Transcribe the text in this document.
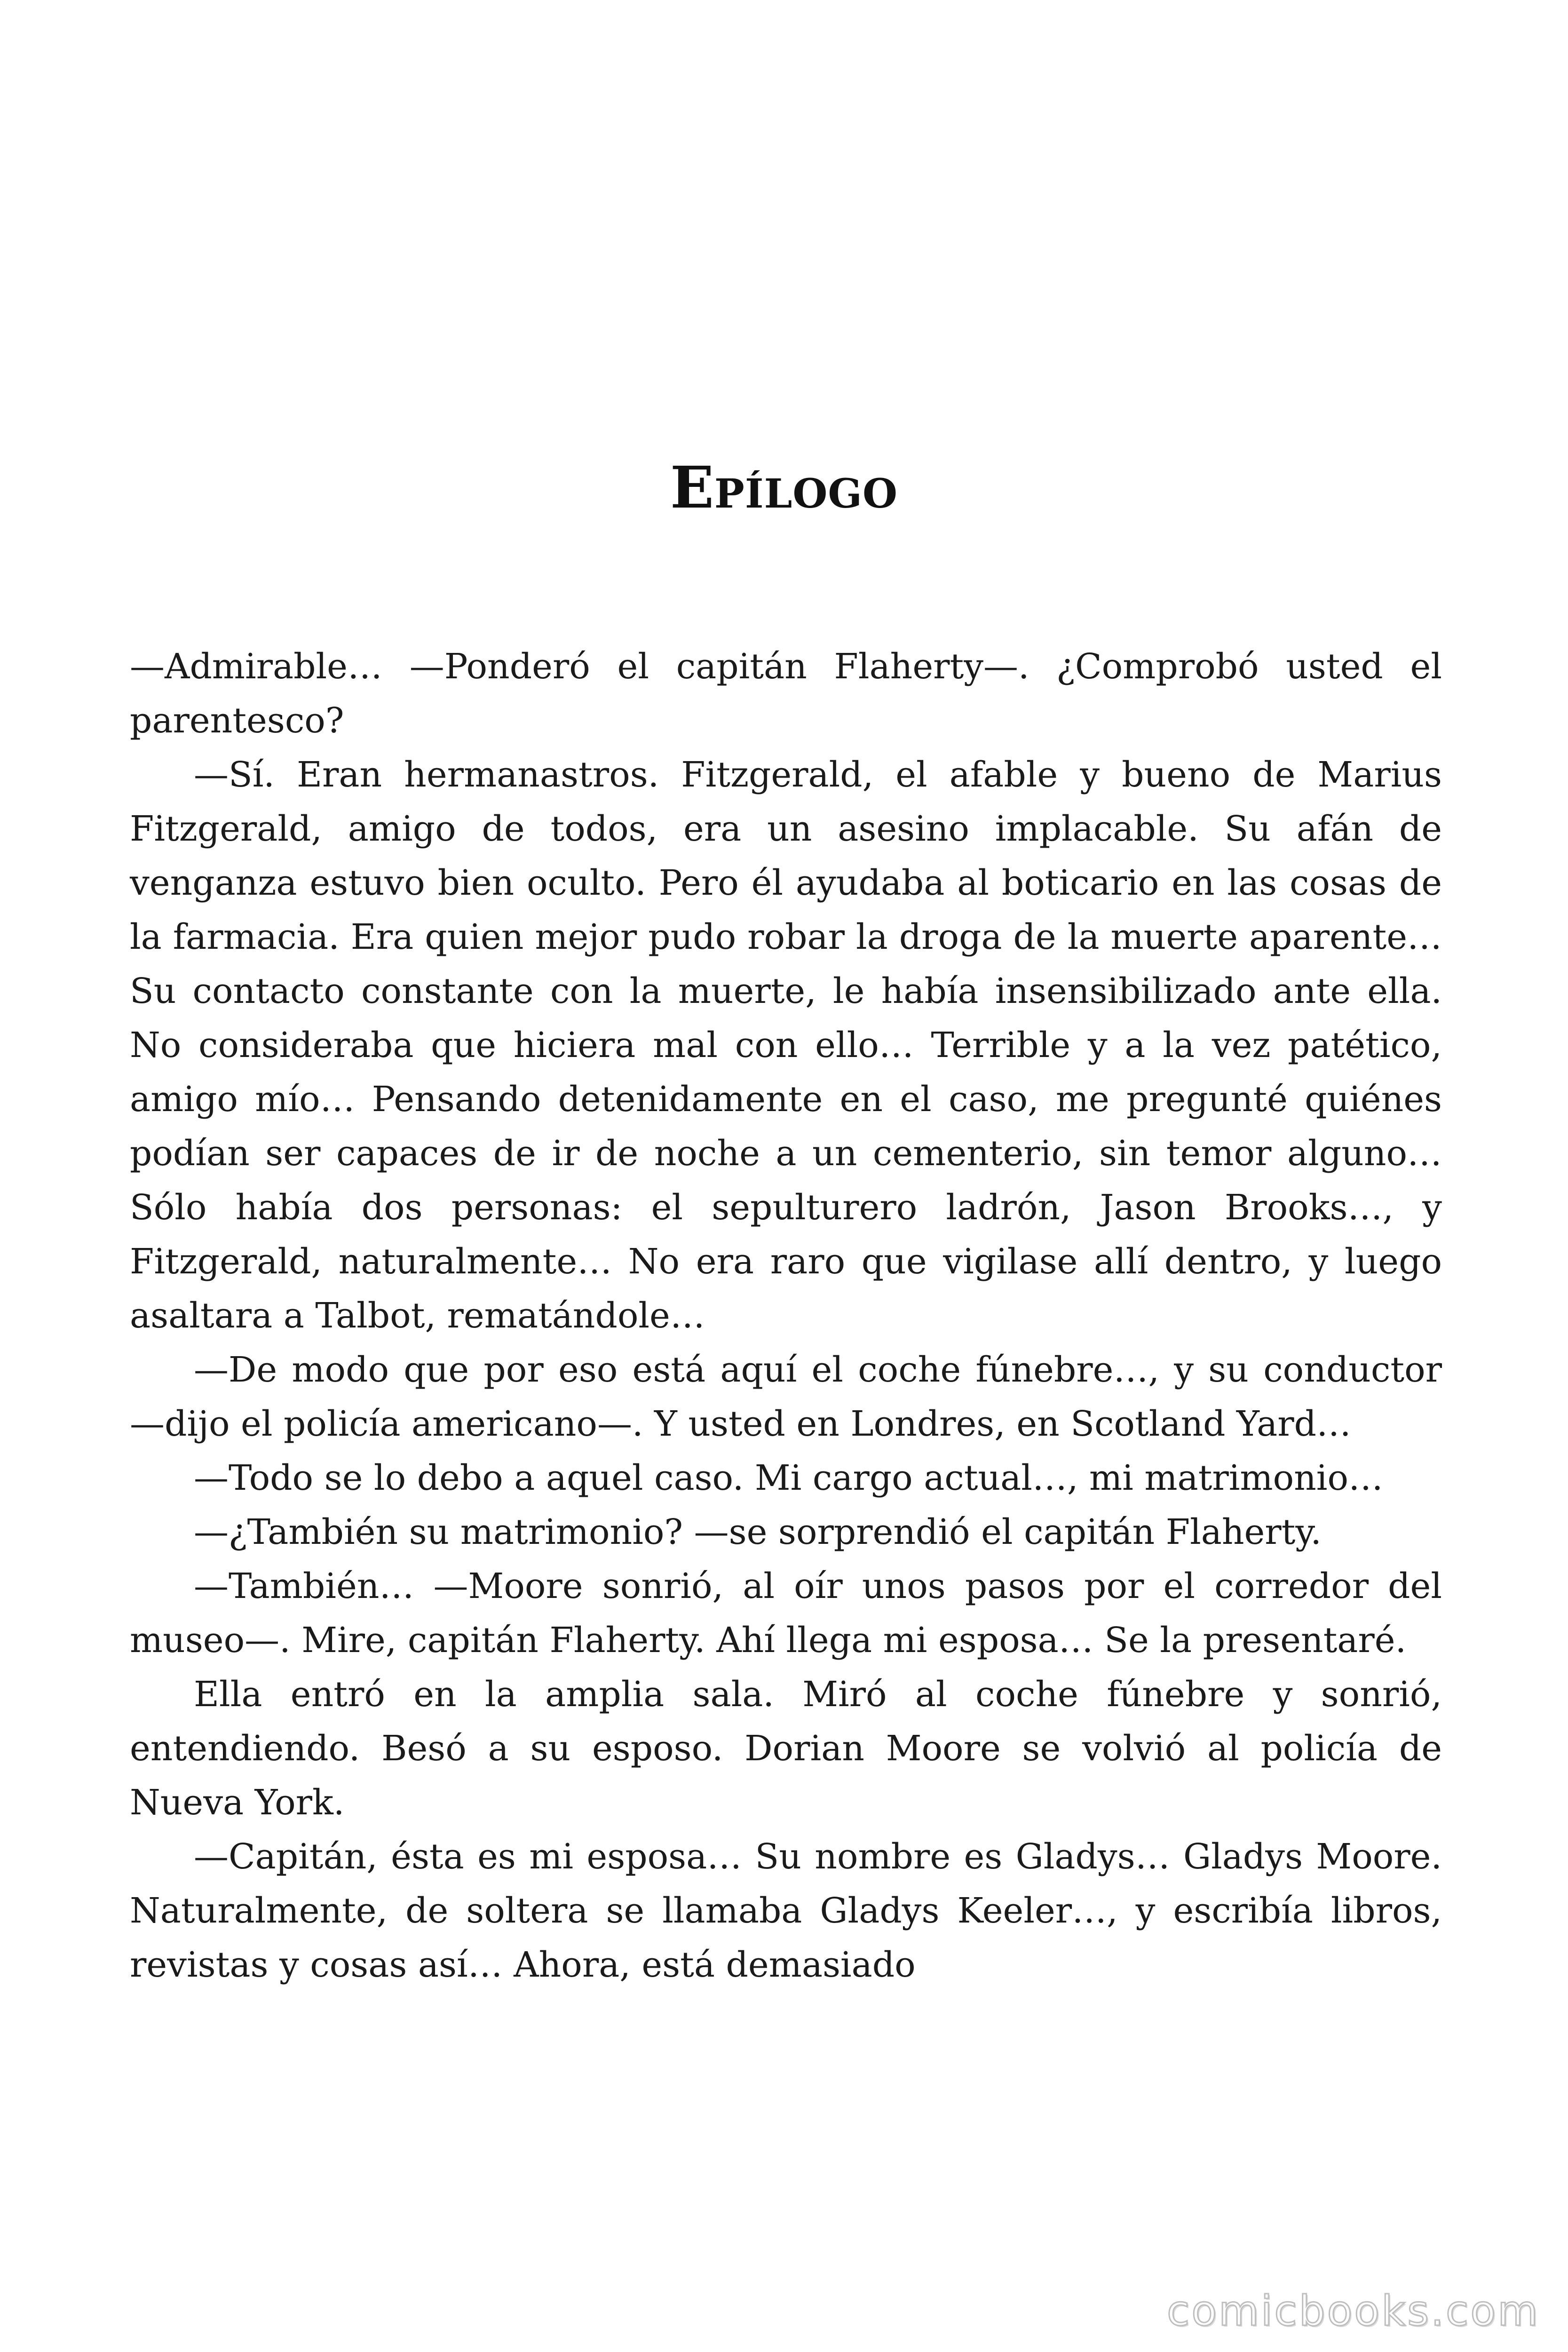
Epílogo

—Admirable… —Ponderó el capitán Flaherty—. ¿Comprobó usted el parentesco?

—Sí. Eran hermanastros. Fitzgerald, el afable y bueno de Marius Fitzgerald, amigo de todos, era un asesino implacable. Su afán de venganza estuvo bien oculto. Pero él ayudaba al boticario en las cosas de la farmacia. Era quien mejor pudo robar la droga de la muerte aparente… Su contacto constante con la muerte, le había insensibilizado ante ella. No consideraba que hiciera mal con ello… Terrible y a la vez patético, amigo mío… Pensando detenidamente en el caso, me pregunté quiénes podían ser capaces de ir de noche a un cementerio, sin temor alguno… Sólo había dos personas: el sepulturero ladrón, Jason Brooks…, y Fitzgerald, naturalmente… No era raro que vigilase allí dentro, y luego asaltara a Talbot, rematándole…

—De modo que por eso está aquí el coche fúnebre…, y su conductor —dijo el policía americano—. Y usted en Londres, en Scotland Yard…

—Todo se lo debo a aquel caso. Mi cargo actual…, mi matrimonio…

—¿También su matrimonio? —se sorprendió el capitán Flaherty.

—También… —Moore sonrió, al oír unos pasos por el corredor del museo—. Mire, capitán Flaherty. Ahí llega mi esposa… Se la presentaré.

Ella entró en la amplia sala. Miró al coche fúnebre y sonrió, entendiendo. Besó a su esposo. Dorian Moore se volvió al policía de Nueva York.

—Capitán, ésta es mi esposa… Su nombre es Gladys… Gladys Moore. Naturalmente, de soltera se llamaba Gladys Keeler…, y escribía libros, revistas y cosas así… Ahora, está demasiado

comicbooks.com
